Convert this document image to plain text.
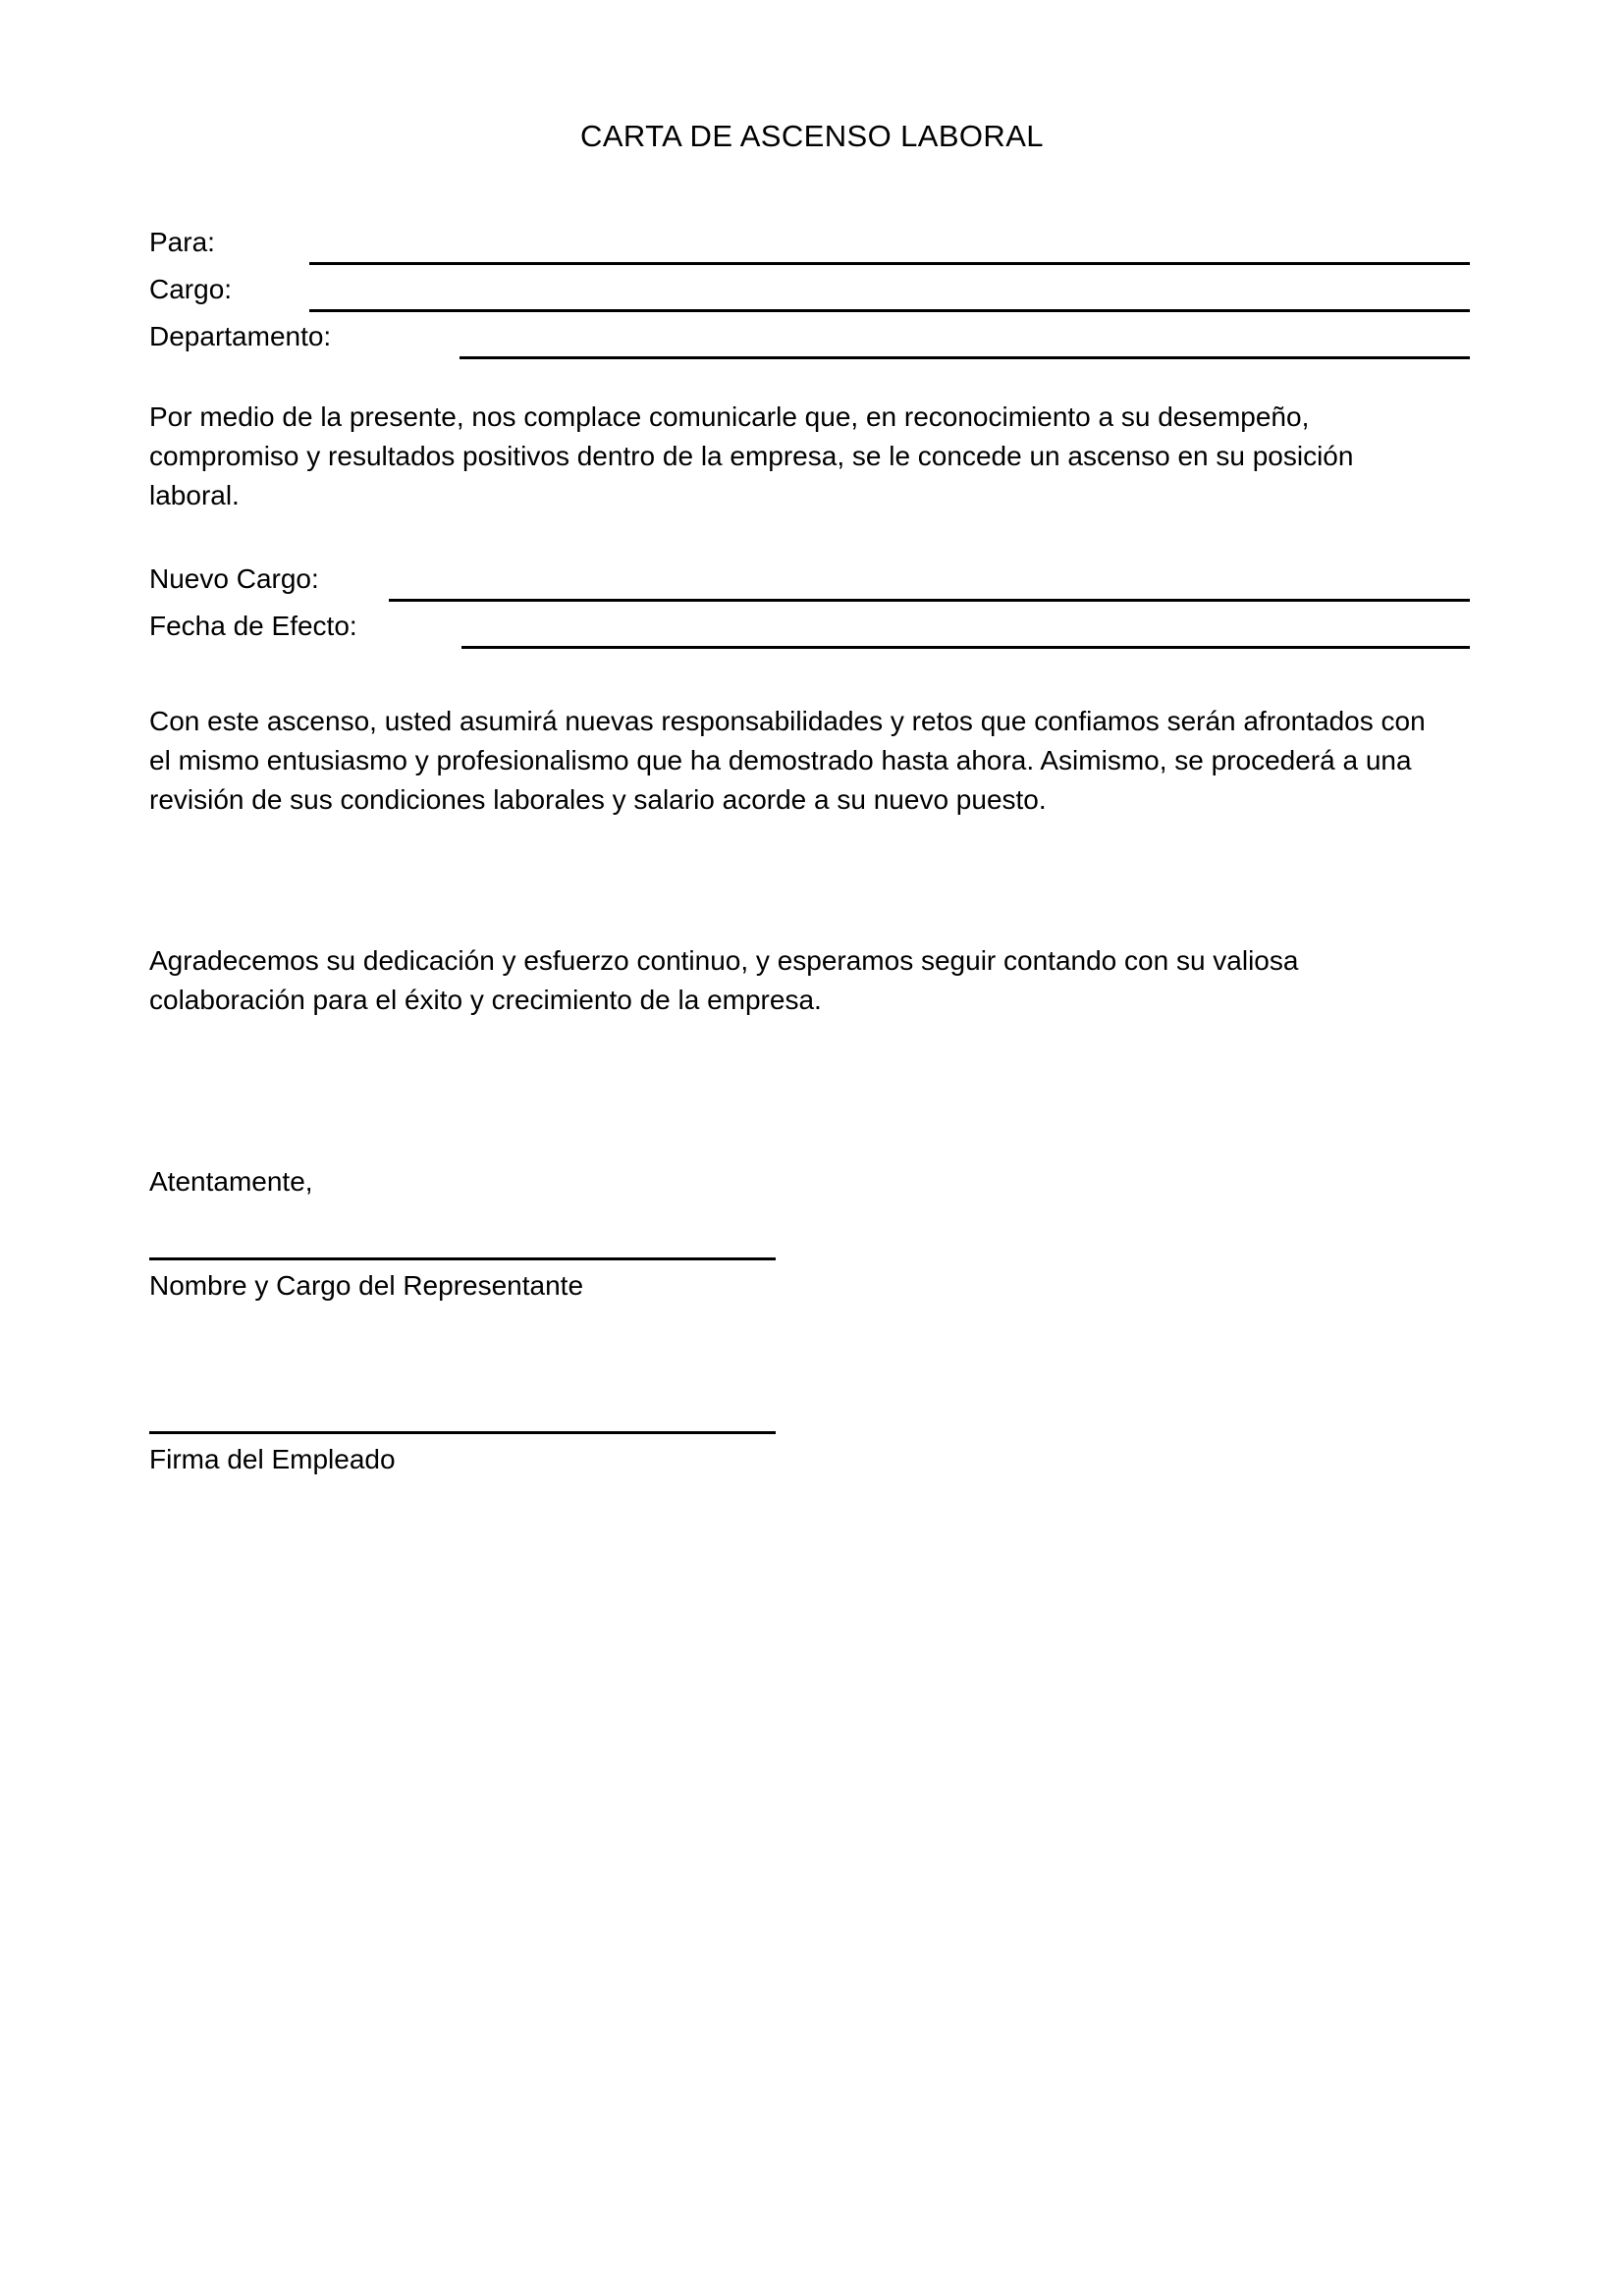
CARTA DE ASCENSO LABORAL
Para:
Cargo:
Departamento:
Por medio de la presente, nos complace comunicarle que, en reconocimiento a su desempeño, compromiso y resultados positivos dentro de la empresa, se le concede un ascenso en su posición laboral.
Nuevo Cargo:
Fecha de Efecto:
Con este ascenso, usted asumirá nuevas responsabilidades y retos que confiamos serán afrontados con el mismo entusiasmo y profesionalismo que ha demostrado hasta ahora. Asimismo, se procederá a una revisión de sus condiciones laborales y salario acorde a su nuevo puesto.
Agradecemos su dedicación y esfuerzo continuo, y esperamos seguir contando con su valiosa colaboración para el éxito y crecimiento de la empresa.
Atentamente,
Nombre y Cargo del Representante
Firma del Empleado
